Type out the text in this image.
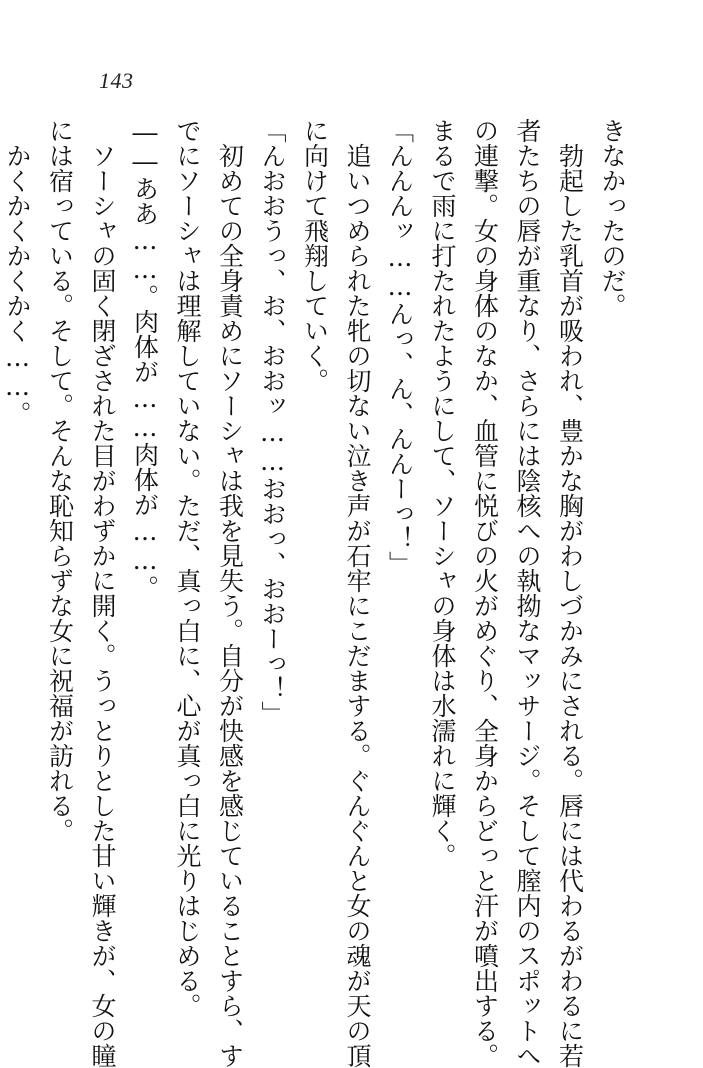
143

きなかったのだ。

勃起した乳首が吸われ、豊かな胸がわしづかみにされる。唇には代わるがわるに若

者たちの唇が重なり、さらには陰核への執拗なマッサージ。そして膣内のスポットへ

の連撃。女の身体のなか、血管に悦びの火がめぐり、全身からどっと汗が噴出する。

まるで雨に打たれたようにして、ソーシャの身体は水濡れに輝く。

「んんんッ……んっ、ん、んんーっ！」

追いつめられた牝の切ない泣き声が石牢にこだまする。ぐんぐんと女の魂が天の頂

に向けて飛翔していく。

「んおおうっ、お、おおッ……おおっ、おおーっ！」

初めての全身責めにソーシャは我を見失う。自分が快感を感じていることすら、す

でにソーシャは理解していない。ただ、真っ白に、心が真っ白に光りはじめる。

――ああ……。肉体が……肉体が……。

ソーシャの固く閉ざされた目がわずかに開く。うっとりとした甘い輝きが、女の瞳

には宿っている。そして。そんな恥知らずな女に祝福が訪れる。

かくかくかくかく……。
